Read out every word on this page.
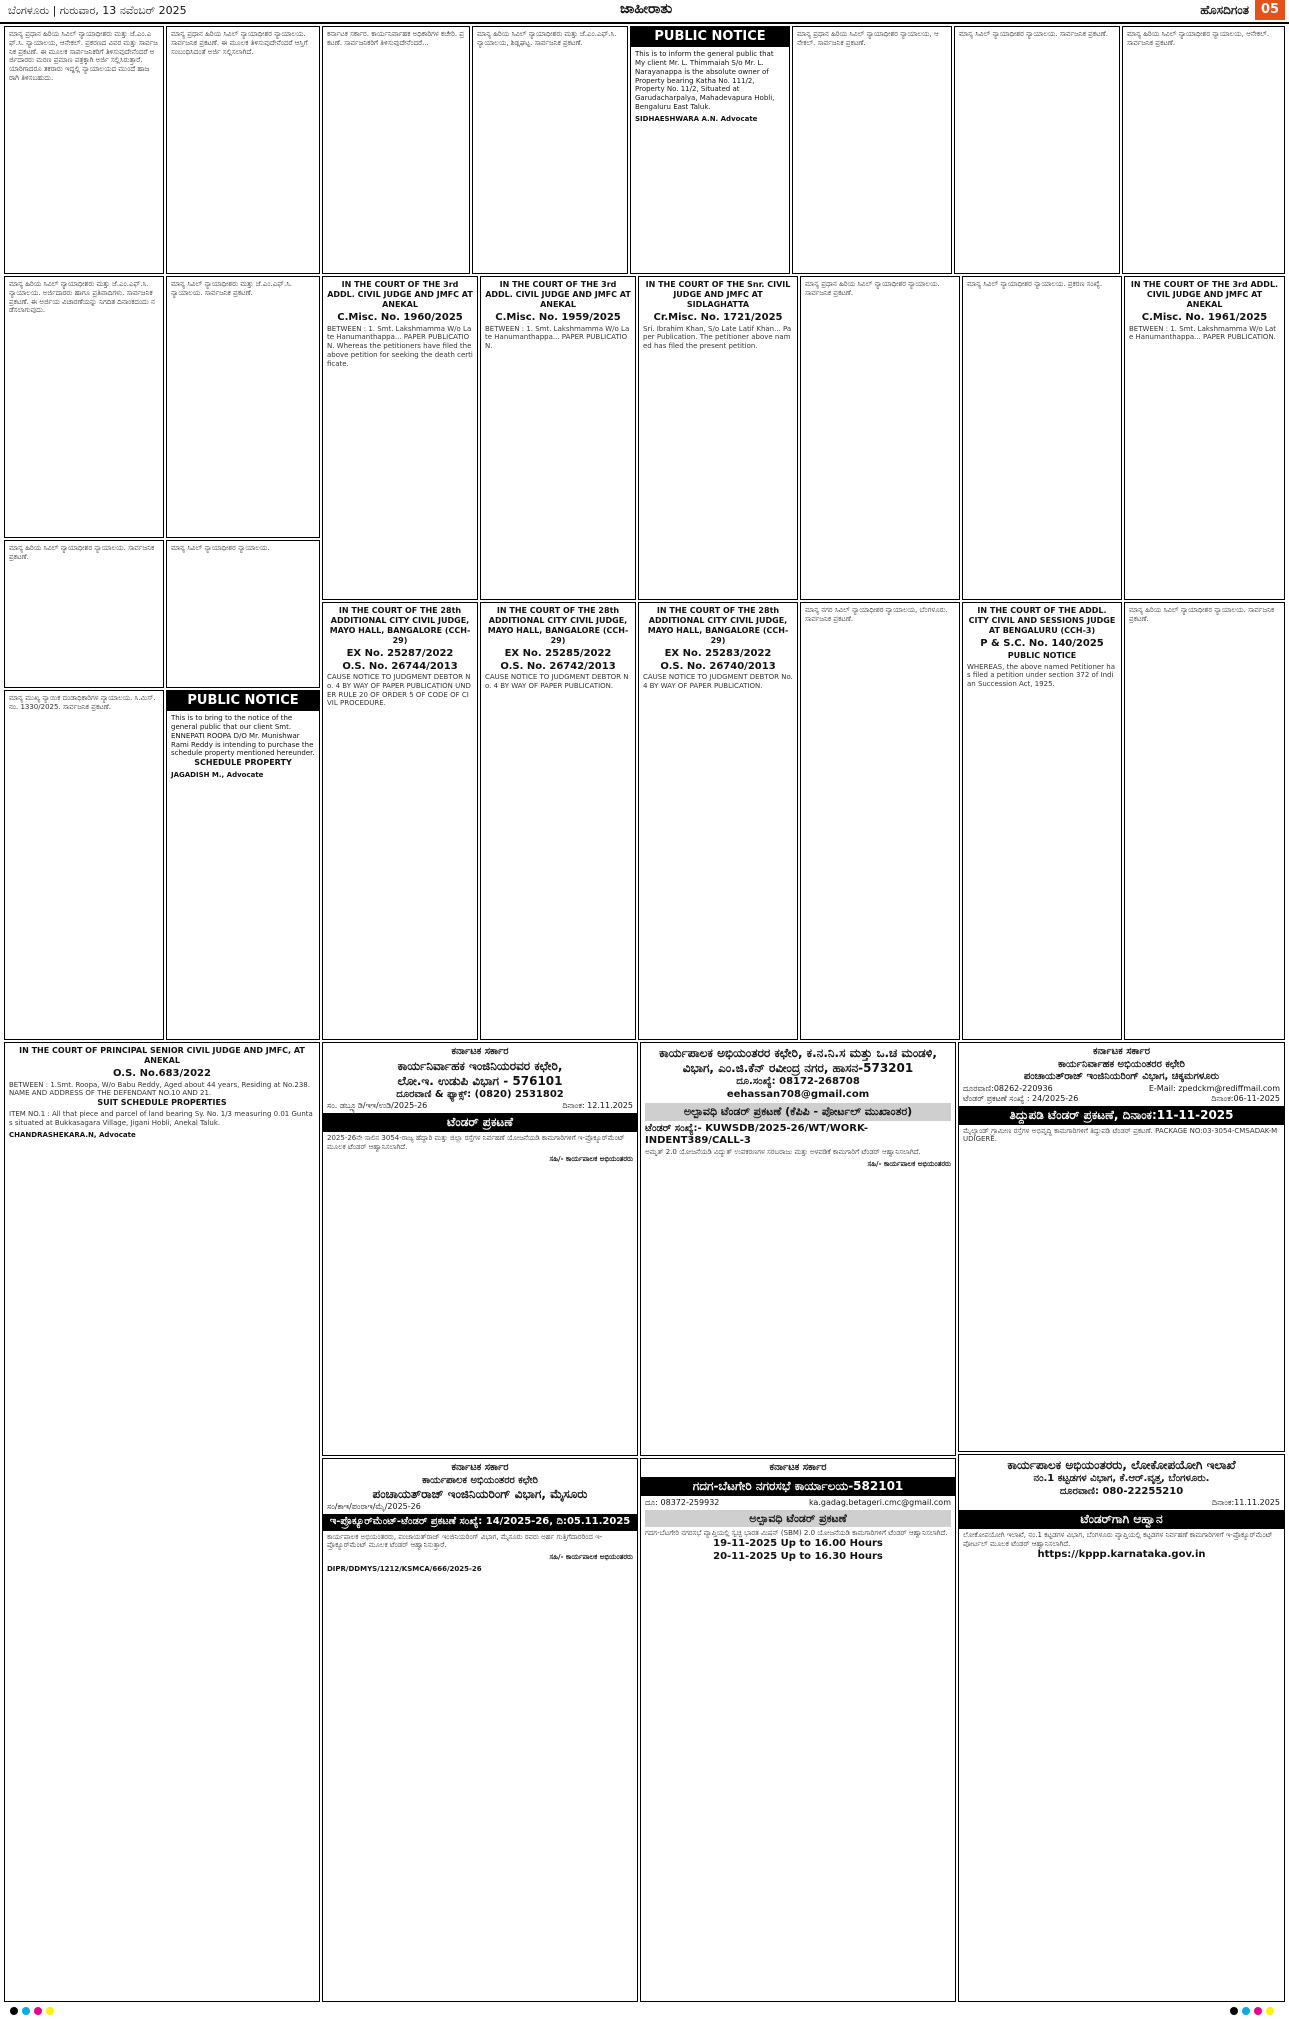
ಬೆಂಗಳೂರು | ಗುರುವಾರ, 13 ನವೆಂಬರ್ 2025	ಜಾಹೀರಾತು	ಹೊಸದಿಗಂತ 05
ಮಾನ್ಯ ಪ್ರಧಾನ ಹಿರಿಯ ಸಿವಿಲ್ ನ್ಯಾಯಾಧೀಶರು ಮತ್ತು ಜೆ.ಎಂ.ಎಫ್.ಸಿ. ನ್ಯಾಯಾಲಯ, ಆನೇಕಲ್. ಪ್ರಕರಣದ ವಿವರ ಮತ್ತು ಸಾರ್ವಜನಿಕ ಪ್ರಕಟಣೆ. ಈ ಮೂಲಕ ಸಾರ್ವಜನಿಕರಿಗೆ ತಿಳಿಸುವುದೇನೆಂದರೆ ಅರ್ಜಿದಾರರು ಮರಣ ಪ್ರಮಾಣ ಪತ್ರಕ್ಕಾಗಿ ಅರ್ಜಿ ಸಲ್ಲಿಸಿರುತ್ತಾರೆ. ಯಾರಿಗಾದರೂ ತಕರಾರು ಇದ್ದಲ್ಲಿ ನ್ಯಾಯಾಲಯದ ಮುಂದೆ ಹಾಜರಾಗಿ ತಿಳಿಸಬಹುದು.
ಮಾನ್ಯ ಹಿರಿಯ ಸಿವಿಲ್ ನ್ಯಾಯಾಧೀಶರು ಮತ್ತು ಜೆ.ಎಂ.ಎಫ್.ಸಿ. ನ್ಯಾಯಾಲಯ. ಅರ್ಜಿದಾರರು ಹಾಗೂ ಪ್ರತಿವಾದಿಗಳು. ಸಾರ್ವಜನಿಕ ಪ್ರಕಟಣೆ. ಈ ಅರ್ಜಿಯ ವಿಚಾರಣೆಯನ್ನು ನಿಗದಿತ ದಿನಾಂಕದಂದು ನಡೆಸಲಾಗುವುದು.
ಮಾನ್ಯ ಪ್ರಧಾನ ಹಿರಿಯ ಸಿವಿಲ್ ನ್ಯಾಯಾಧೀಶರ ನ್ಯಾಯಾಲಯ. ಸಾರ್ವಜನಿಕ ಪ್ರಕಟಣೆ. ಈ ಮೂಲಕ ತಿಳಿಸುವುದೇನೆಂದರೆ ಆಸ್ತಿಗೆ ಸಂಬಂಧಿಸಿದಂತೆ ಅರ್ಜಿ ಸಲ್ಲಿಸಲಾಗಿದೆ.
ಮಾನ್ಯ ಸಿವಿಲ್ ನ್ಯಾಯಾಧೀಶರು ಮತ್ತು ಜೆ.ಎಂ.ಎಫ್.ಸಿ. ನ್ಯಾಯಾಲಯ. ಸಾರ್ವಜನಿಕ ಪ್ರಕಟಣೆ.
ಕರ್ನಾಟಕ ಸರ್ಕಾರ. ಕಾರ್ಯನಿರ್ವಾಹಕ ಅಧಿಕಾರಿಗಳ ಕಚೇರಿ. ಪ್ರಕಟಣೆ. ಸಾರ್ವಜನಿಕರಿಗೆ ತಿಳಿಸುವುದೇನೆಂದರೆ...
ಮಾನ್ಯ ಹಿರಿಯ ಸಿವಿಲ್ ನ್ಯಾಯಾಧೀಶರು ಮತ್ತು ಜೆ.ಎಂ.ಎಫ್.ಸಿ. ನ್ಯಾಯಾಲಯ, ಶಿಡ್ಲಘಟ್ಟ. ಸಾರ್ವಜನಿಕ ಪ್ರಕಟಣೆ.	PUBLIC NOTICE
This is to inform the general public that My client Mr. L. Thimmaiah S/o Mr. L. Narayanappa is the absolute owner of Property bearing Katha No. 111/2, Property No. 11/2, Situated at Garudacharpalya, Mahadevapura Hobli, Bengaluru East Taluk.
SIDHAESHWARA A.N. Advocate
ಮಾನ್ಯ ಪ್ರಧಾನ ಹಿರಿಯ ಸಿವಿಲ್ ನ್ಯಾಯಾಧೀಶರ ನ್ಯಾಯಾಲಯ, ಆನೇಕಲ್. ಸಾರ್ವಜನಿಕ ಪ್ರಕಟಣೆ.
ಮಾನ್ಯ ಸಿವಿಲ್ ನ್ಯಾಯಾಧೀಶರ ನ್ಯಾಯಾಲಯ. ಸಾರ್ವಜನಿಕ ಪ್ರಕಟಣೆ.	ಮಾನ್ಯ ಹಿರಿಯ ಸಿವಿಲ್ ನ್ಯಾಯಾಧೀಶರ ನ್ಯಾಯಾಲಯ, ಆನೇಕಲ್. ಸಾರ್ವಜನಿಕ ಪ್ರಕಟಣೆ.
IN THE COURT OF THE 3rd ADDL. CIVIL JUDGE AND JMFC AT ANEKAL
C.Misc. No. 1960/2025
BETWEEN : 1. Smt. Lakshmamma W/o Late Hanumanthappa... PAPER PUBLICATION. Whereas the petitioners have filed the above petition for seeking the death certificate.
IN THE COURT OF THE 3rd ADDL. CIVIL JUDGE AND JMFC AT ANEKAL
C.Misc. No. 1959/2025
BETWEEN : 1. Smt. Lakshmamma W/o Late Hanumanthappa... PAPER PUBLICATION.
IN THE COURT OF THE Snr. CIVIL JUDGE AND JMFC AT SIDLAGHATTA
Cr.Misc. No. 1721/2025
Sri. Ibrahim Khan, S/o Late Latif Khan... Paper Publication. The petitioner above named has filed the present petition.
ಮಾನ್ಯ ಪ್ರಧಾನ ಹಿರಿಯ ಸಿವಿಲ್ ನ್ಯಾಯಾಧೀಶರ ನ್ಯಾಯಾಲಯ. ಸಾರ್ವಜನಿಕ ಪ್ರಕಟಣೆ.
ಮಾನ್ಯ ಸಿವಿಲ್ ನ್ಯಾಯಾಧೀಶರ ನ್ಯಾಯಾಲಯ. ಪ್ರಕರಣ ಸಂಖ್ಯೆ.	IN THE COURT OF THE 3rd ADDL. CIVIL JUDGE AND JMFC AT ANEKAL
C.Misc. No. 1961/2025
BETWEEN : 1. Smt. Lakshmamma W/o Late Hanumanthappa... PAPER PUBLICATION.
ಮಾನ್ಯ ಹಿರಿಯ ಸಿವಿಲ್ ನ್ಯಾಯಾಧೀಶರ ನ್ಯಾಯಾಲಯ. ಸಾರ್ವಜನಿಕ ಪ್ರಕಟಣೆ.
ಮಾನ್ಯ ಸಿವಿಲ್ ನ್ಯಾಯಾಧೀಶರ ನ್ಯಾಯಾಲಯ.
ಮಾನ್ಯ ಮುಖ್ಯ ನ್ಯಾಯಿಕ ದಂಡಾಧಿಕಾರಿಗಳ ನ್ಯಾಯಾಲಯ. ಸಿ.ಮಿಸ್. ನಂ. 1330/2025. ಸಾರ್ವಜನಿಕ ಪ್ರಕಟಣೆ.	PUBLIC NOTICE
This is to bring to the notice of the general public that our client Smt. ENNEPATI ROOPA D/O Mr. Munishwar Rami Reddy is intending to purchase the schedule property mentioned hereunder.
SCHEDULE PROPERTY
JAGADISH M., Advocate
IN THE COURT OF THE 28th ADDITIONAL CITY CIVIL JUDGE, MAYO HALL, BANGALORE (CCH-29)
EX No. 25287/2022
O.S. No. 26744/2013
CAUSE NOTICE TO JUDGMENT DEBTOR No. 4 BY WAY OF PAPER PUBLICATION UNDER RULE 20 OF ORDER 5 OF CODE OF CIVIL PROCEDURE.
IN THE COURT OF THE 28th ADDITIONAL CITY CIVIL JUDGE, MAYO HALL, BANGALORE (CCH-29)
EX No. 25285/2022
O.S. No. 26742/2013
CAUSE NOTICE TO JUDGMENT DEBTOR No. 4 BY WAY OF PAPER PUBLICATION.
IN THE COURT OF THE 28th ADDITIONAL CITY CIVIL JUDGE, MAYO HALL, BANGALORE (CCH-29)
EX No. 25283/2022
O.S. No. 26740/2013
CAUSE NOTICE TO JUDGMENT DEBTOR No. 4 BY WAY OF PAPER PUBLICATION.
ಮಾನ್ಯ ನಗರ ಸಿವಿಲ್ ನ್ಯಾಯಾಧೀಶರ ನ್ಯಾಯಾಲಯ, ಬೆಂಗಳೂರು. ಸಾರ್ವಜನಿಕ ಪ್ರಕಟಣೆ.
IN THE COURT OF THE ADDL. CITY CIVIL AND SESSIONS JUDGE AT BENGALURU (CCH-3)
P & S.C. No. 140/2025
PUBLIC NOTICE
WHEREAS, the above named Petitioner has filed a petition under section 372 of Indian Succession Act, 1925.
ಮಾನ್ಯ ಹಿರಿಯ ಸಿವಿಲ್ ನ್ಯಾಯಾಧೀಶರ ನ್ಯಾಯಾಲಯ. ಸಾರ್ವಜನಿಕ ಪ್ರಕಟಣೆ.
IN THE COURT OF PRINCIPAL SENIOR CIVIL JUDGE AND JMFC, AT ANEKAL
O.S. No.683/2022
BETWEEN : 1.Smt. Roopa, W/o Babu Reddy, Aged about 44 years, Residing at No.238. NAME AND ADDRESS OF THE DEFENDANT NO.10 AND 21.
SUIT SCHEDULE PROPERTIES
ITEM NO.1 : All that piece and parcel of land bearing Sy. No. 1/3 measuring 0.01 Guntas situated at Bukkasagara Village, Jigani Hobli, Anekal Taluk.
CHANDRASHEKARA.N, Advocate
ಕರ್ನಾಟಕ ಸರ್ಕಾರ
ಕಾರ್ಯನಿರ್ವಾಹಕ ಇಂಜಿನಿಯರವರ ಕಛೇರಿ,
ಲೋ.ಇ. ಉಡುಪಿ ವಿಭಾಗ - 576101
ದೂರವಾಣಿ & ಫ್ಯಾಕ್ಸ್: (0820) 2531802
ಸಂ. ಡಬ್ಲ್ಯೂಡಿ/ಇಇ/ಉಡಿ/2025-26	ದಿನಾಂಕ: 12.11.2025
ಟೆಂಡರ್ ಪ್ರಕಟಣೆ
2025-26ನೇ ಸಾಲಿನ 3054-ರಾಜ್ಯ ಹೆದ್ದಾರಿ ಮತ್ತು ಜಿಲ್ಲಾ ರಸ್ತೆಗಳ ನಿರ್ವಹಣೆ ಯೋಜನೆಯಡಿ ಕಾಮಗಾರಿಗಳಿಗೆ ಇ-ಪ್ರೊಕ್ಯೂರ್‌ಮೆಂಟ್ ಮೂಲಕ ಟೆಂಡರ್ ಆಹ್ವಾನಿಸಲಾಗಿದೆ.
ಸಹಿ/- ಕಾರ್ಯಪಾಲಕ ಅಭಿಯಂತರರು
ಕಾರ್ಯಪಾಲಕ ಅಭಿಯಂತರರ ಕಛೇರಿ, ಕ.ನ.ನಿ.ಸ ಮತ್ತು ಒ.ಚ ಮಂಡಳಿ, ವಿಭಾಗ, ಎಂ.ಜಿ.ಕೆನ್ ರವೀಂದ್ರ ನಗರ, ಹಾಸನ-573201
ದೂ.ಸಂಖ್ಯೆ: 08172-268708
eehassan708@gmail.com
ಅಲ್ಪಾವಧಿ ಟೆಂಡರ್ ಪ್ರಕಟಣೆ (ಕೆಪಿಪಿ - ಪೋರ್ಟಲ್ ಮುಖಾಂತರ)
ಟೆಂಡರ್ ಸಂಖ್ಯೆ:- KUWSDB/2025-26/WT/WORK-INDENT389/CALL-3
ಅಮೃತ್ 2.0 ಯೋಜನೆಯಡಿ ವಿದ್ಯುತ್ ಉಪಕರಣಗಳ ಸರಬರಾಜು ಮತ್ತು ಅಳವಡಿಕೆ ಕಾಮಗಾರಿಗೆ ಟೆಂಡರ್ ಆಹ್ವಾನಿಸಲಾಗಿದೆ.
ಸಹಿ/- ಕಾರ್ಯಪಾಲಕ ಅಭಿಯಂತರರು
ಕರ್ನಾಟಕ ಸರ್ಕಾರ
ಕಾರ್ಯನಿರ್ವಾಹಕ ಅಭಿಯಂತರರ ಕಛೇರಿ
ಪಂಚಾಯತ್‌ರಾಜ್ ಇಂಜಿನಿಯರಿಂಗ್ ವಿಭಾಗ, ಚಿಕ್ಕಮಗಳೂರು
ದೂರವಾಣಿ:08262-220936	E-Mail: zpedckm@rediffmail.com
ಟೆಂಡರ್ ಪ್ರಕಟಣೆ ಸಂಖ್ಯೆ : 24/2025-26	ದಿನಾಂಕ:06-11-2025
ತಿದ್ದುಪಡಿ ಟೆಂಡರ್ ಪ್ರಕಟಣೆ, ದಿನಾಂಕ:11-11-2025
ಮೈಲ್ಯಾಂಡ್ ಗ್ರಾಮೀಣ ರಸ್ತೆಗಳ ಅಭಿವೃದ್ಧಿ ಕಾಮಗಾರಿಗಳಿಗೆ ತಿದ್ದುಪಡಿ ಟೆಂಡರ್ ಪ್ರಕಟಣೆ. PACKAGE NO:03-3054-CMSADAK-MUDIGERE.
ಕರ್ನಾಟಕ ಸರ್ಕಾರ
ಕಾರ್ಯಪಾಲಕ ಅಭಿಯಂತರರ ಕಛೇರಿ
ಪಂಚಾಯತ್‌ರಾಜ್ ಇಂಜಿನಿಯರಿಂಗ್ ವಿಭಾಗ, ಮೈಸೂರು
ಸಂ/ಕಾಇ/ಪಂರಾಇ/ಮೈ/2025-26
ಇ-ಪ್ರೊಕ್ಯೂರ್‌ಮೆಂಟ್-ಟೆಂಡರ್ ಪ್ರಕಟಣೆ ಸಂಖ್ಯೆ: 14/2025-26, ದಿ:05.11.2025
ಕಾರ್ಯಪಾಲಕ ಅಭಿಯಂತರರು, ಪಂಚಾಯತ್‌ರಾಜ್ ಇಂಜಿನಿಯರಿಂಗ್ ವಿಭಾಗ, ಮೈಸೂರು ರವರು ಅರ್ಹ ಗುತ್ತಿಗೆದಾರರಿಂದ ಇ-ಪ್ರೊಕ್ಯೂರ್‌ಮೆಂಟ್ ಮೂಲಕ ಟೆಂಡರ್ ಆಹ್ವಾನಿಸುತ್ತಾರೆ.
ಸಹಿ/- ಕಾರ್ಯಪಾಲಕ ಅಭಿಯಂತರರು
DIPR/DDMYS/1212/KSMCA/666/2025-26
ಕರ್ನಾಟಕ ಸರ್ಕಾರ
ಗದಗ-ಬೆಟಗೇರಿ ನಗರಸಭೆ ಕಾರ್ಯಾಲಯ-582101
ದೂ: 08372-259932	ka.gadag.betageri.cmc@gmail.com
ಅಲ್ಪಾವಧಿ ಟೆಂಡರ್ ಪ್ರಕಟಣೆ
ಗದಗ-ಬೆಟಗೇರಿ ನಗರಸಭೆ ವ್ಯಾಪ್ತಿಯಲ್ಲಿ ಸ್ವಚ್ಛ ಭಾರತ ಮಿಷನ್ (SBM) 2.0 ಯೋಜನೆಯಡಿ ಕಾಮಗಾರಿಗಳಿಗೆ ಟೆಂಡರ್ ಆಹ್ವಾನಿಸಲಾಗಿದೆ.
19-11-2025 Up to 16.00 Hours
20-11-2025 Up to 16.30 Hours
ಕಾರ್ಯಪಾಲಕ ಅಭಿಯಂತರರು, ಲೋಕೋಪಯೋಗಿ ಇಲಾಖೆ
ನಂ.1 ಕಟ್ಟಡಗಳ ವಿಭಾಗ, ಕೆ.ಆರ್.ವೃತ್ತ, ಬೆಂಗಳೂರು.
ದೂರವಾಣಿ: 080-22255210
ದಿನಾಂಕ:11.11.2025
ಟೆಂಡರ್‌ಗಾಗಿ ಆಹ್ವಾನ
ಲೋಕೋಪಯೋಗಿ ಇಲಾಖೆ, ನಂ.1 ಕಟ್ಟಡಗಳ ವಿಭಾಗ, ಬೆಂಗಳೂರು ವ್ಯಾಪ್ತಿಯಲ್ಲಿ ಕಟ್ಟಡಗಳ ನಿರ್ವಹಣೆ ಕಾಮಗಾರಿಗಳಿಗೆ ಇ-ಪ್ರೊಕ್ಯೂರ್‌ಮೆಂಟ್ ಪೋರ್ಟಲ್ ಮೂಲಕ ಟೆಂಡರ್ ಆಹ್ವಾನಿಸಲಾಗಿದೆ.
https://kppp.karnataka.gov.in
